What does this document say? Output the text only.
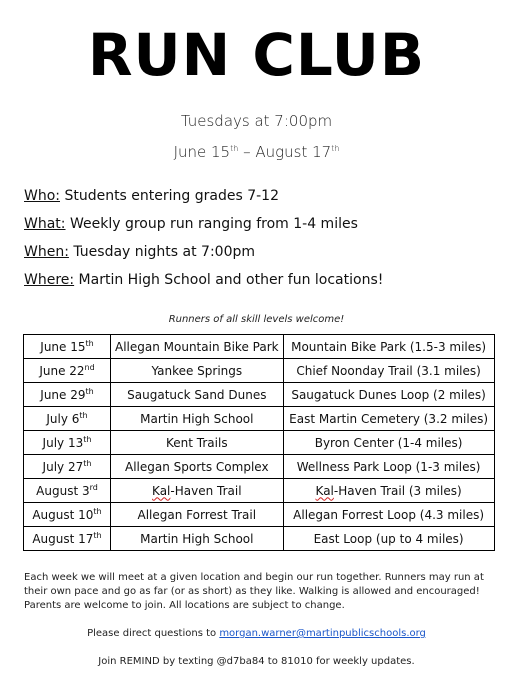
RUN CLUB
Tuesdays at 7:00pm
June 15th – August 17th
Who: Students entering grades 7-12
What: Weekly group run ranging from 1-4 miles
When: Tuesday nights at 7:00pm
Where: Martin High School and other fun locations!
Runners of all skill levels welcome!
June 15th	Allegan Mountain Bike Park	Mountain Bike Park (1.5-3 miles)
June 22nd	Yankee Springs	Chief Noonday Trail (3.1 miles)
June 29th	Saugatuck Sand Dunes	Saugatuck Dunes Loop (2 miles)
July 6th	Martin High School	East Martin Cemetery (3.2 miles)
July 13th	Kent Trails	Byron Center (1-4 miles)
July 27th	Allegan Sports Complex	Wellness Park Loop (1-3 miles)
August 3rd	Kal-Haven Trail	Kal-Haven Trail (3 miles)
August 10th	Allegan Forrest Trail	Allegan Forrest Loop (4.3 miles)
August 17th	Martin High School	East Loop (up to 4 miles)
Each week we will meet at a given location and begin our run together. Runners may run at their own pace and go as far (or as short) as they like. Walking is allowed and encouraged! Parents are welcome to join. All locations are subject to change.
Please direct questions to morgan.warner@martinpublicschools.org
Join REMIND by texting @d7ba84 to 81010 for weekly updates.
